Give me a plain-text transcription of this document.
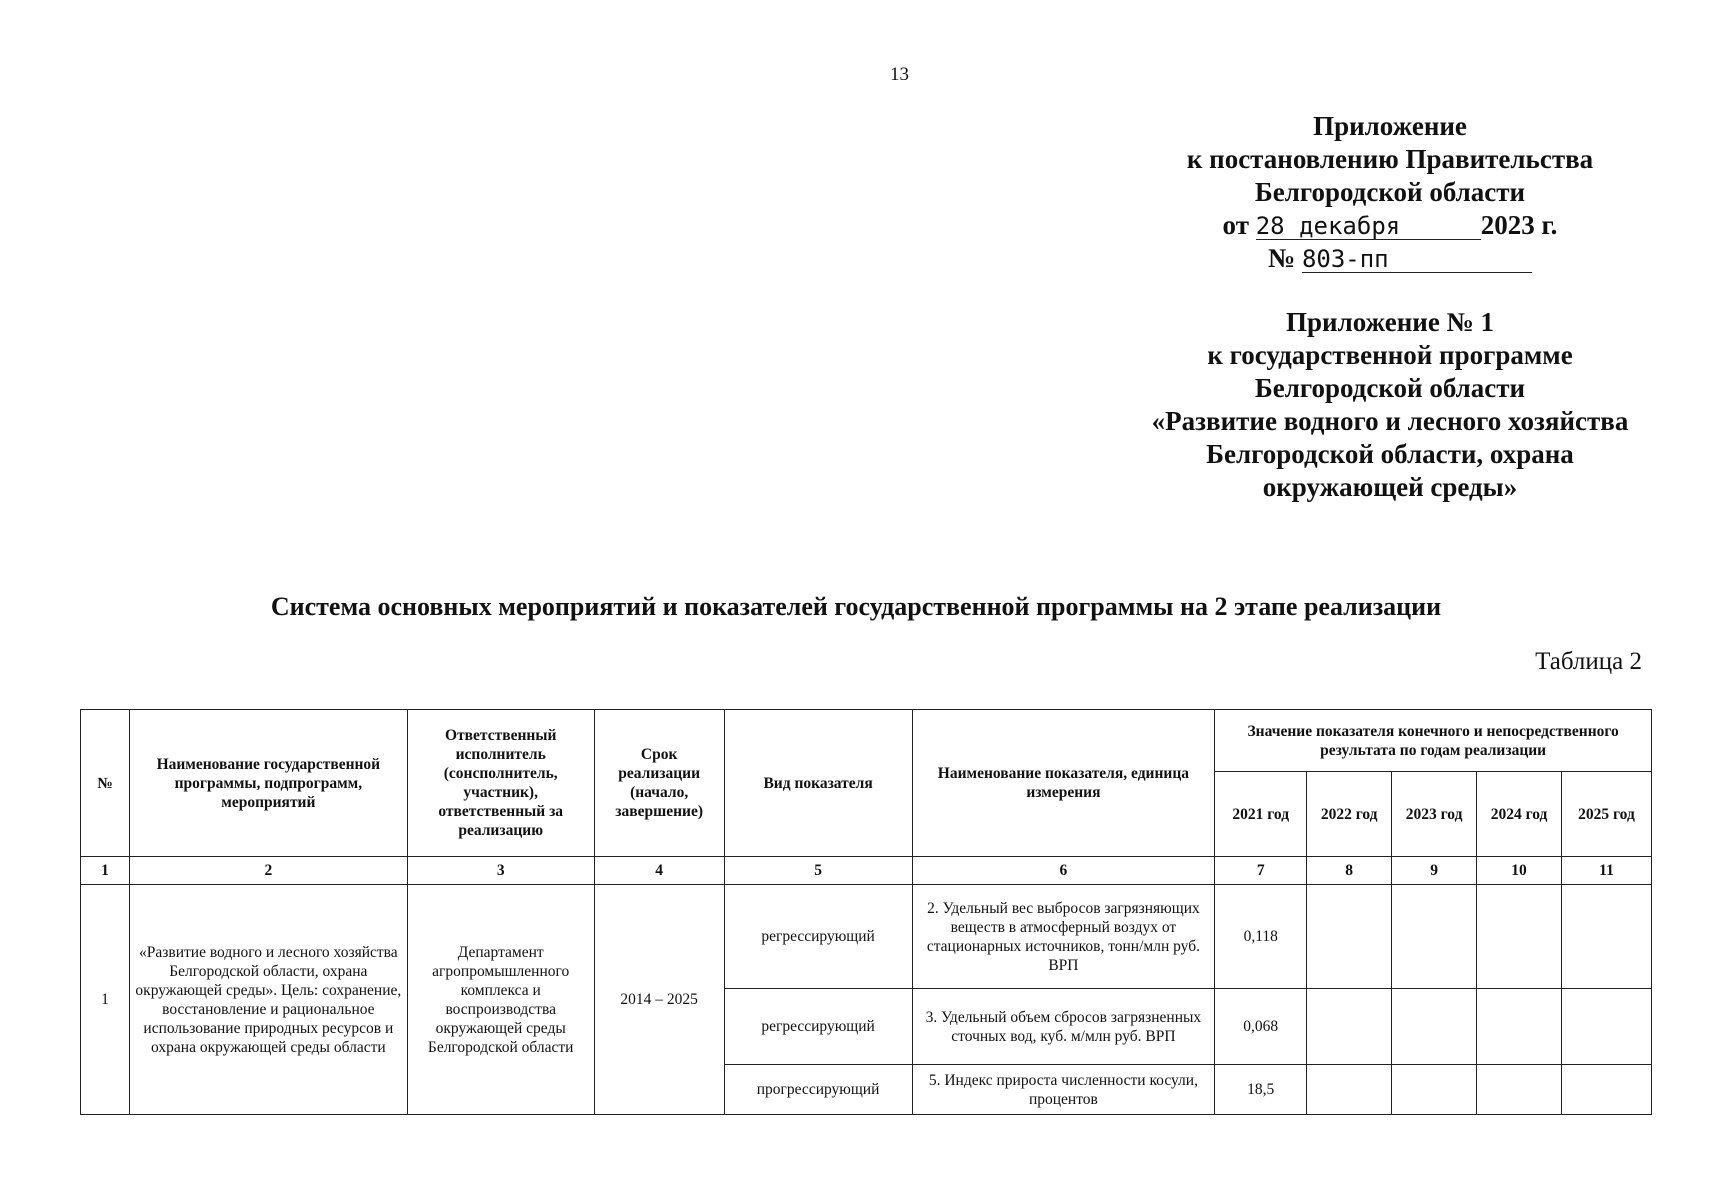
13
Приложение
к постановлению Правительства
Белгородской области
от 28 декабря	2023 г.
№ 803-пп
Приложение № 1
к государственной программе
Белгородской области
«Развитие водного и лесного хозяйства
Белгородской области, охрана
окружающей среды»
Система основных мероприятий и показателей государственной программы на 2 этапе реализации
Таблица 2
№	Наименование государственной программы, подпрограмм, мероприятий	Ответственный исполнитель (сонсполнитель, участник), ответственный за реализацию	Срок реализации (начало, завершение)	Вид показателя	Наименование показателя, единица измерения	Значение показателя конечного и непосредственного результата по годам реализации				
						2021 год	2022 год	2023 год	2024 год	2025 год
1	2	3	4	5	6	7	8	9	10	11
1	«Развитие водного и лесного хозяйства Белгородской области, охрана окружающей среды». Цель: сохранение, восстановление и рациональное использование природных ресурсов и охрана окружающей среды области	Департамент агропромышленного комплекса и воспроизводства окружающей среды Белгородской области	2014 – 2025	регрессирующий	2. Удельный вес выбросов загрязняющих веществ в атмосферный воздух от стационарных источников, тонн/млн руб. ВРП	0,118				
				регрессирующий	3. Удельный объем сбросов загрязненных сточных вод, куб. м/млн руб. ВРП	0,068				
				прогрессирующий	5. Индекс прироста численности косули, процентов	18,5				
